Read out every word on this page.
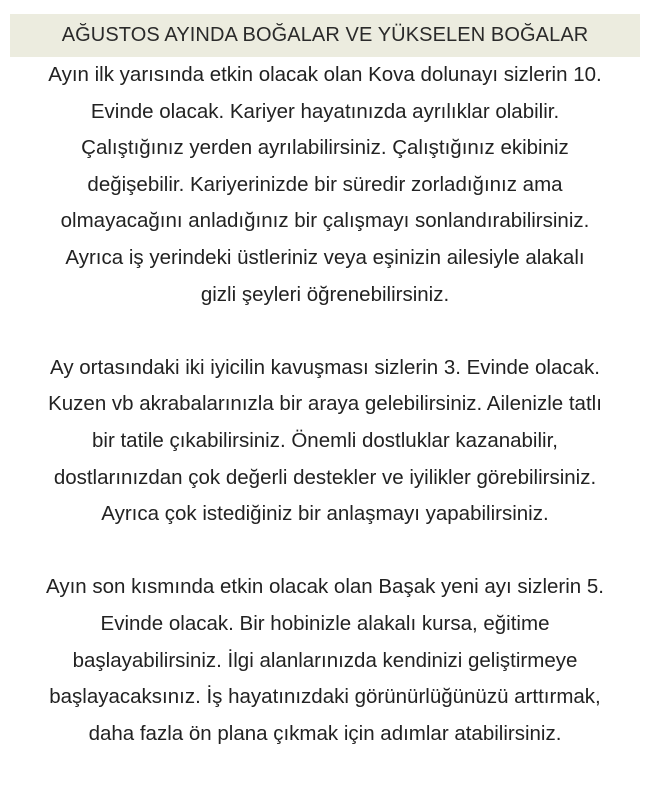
AĞUSTOS AYINDA BOĞALAR VE YÜKSELEN BOĞALAR

Ayın ilk yarısında etkin olacak olan Kova dolunayı sizlerin 10.
Evinde olacak. Kariyer hayatınızda ayrılıklar olabilir.
Çalıştığınız yerden ayrılabilirsiniz. Çalıştığınız ekibiniz
değişebilir. Kariyerinizde bir süredir zorladığınız ama
olmayacağını anladığınız bir çalışmayı sonlandırabilirsiniz.
Ayrıca iş yerindeki üstleriniz veya eşinizin ailesiyle alakalı
gizli şeyleri öğrenebilirsiniz.

Ay ortasındaki iki iyicilin kavuşması sizlerin 3. Evinde olacak.
Kuzen vb akrabalarınızla bir araya gelebilirsiniz. Ailenizle tatlı
bir tatile çıkabilirsiniz. Önemli dostluklar kazanabilir,
dostlarınızdan çok değerli destekler ve iyilikler görebilirsiniz.
Ayrıca çok istediğiniz bir anlaşmayı yapabilirsiniz.

Ayın son kısmında etkin olacak olan Başak yeni ayı sizlerin 5.
Evinde olacak. Bir hobinizle alakalı kursa, eğitime
başlayabilirsiniz. İlgi alanlarınızda kendinizi geliştirmeye
başlayacaksınız. İş hayatınızdaki görünürlüğünüzü arttırmak,
daha fazla ön plana çıkmak için adımlar atabilirsiniz.
